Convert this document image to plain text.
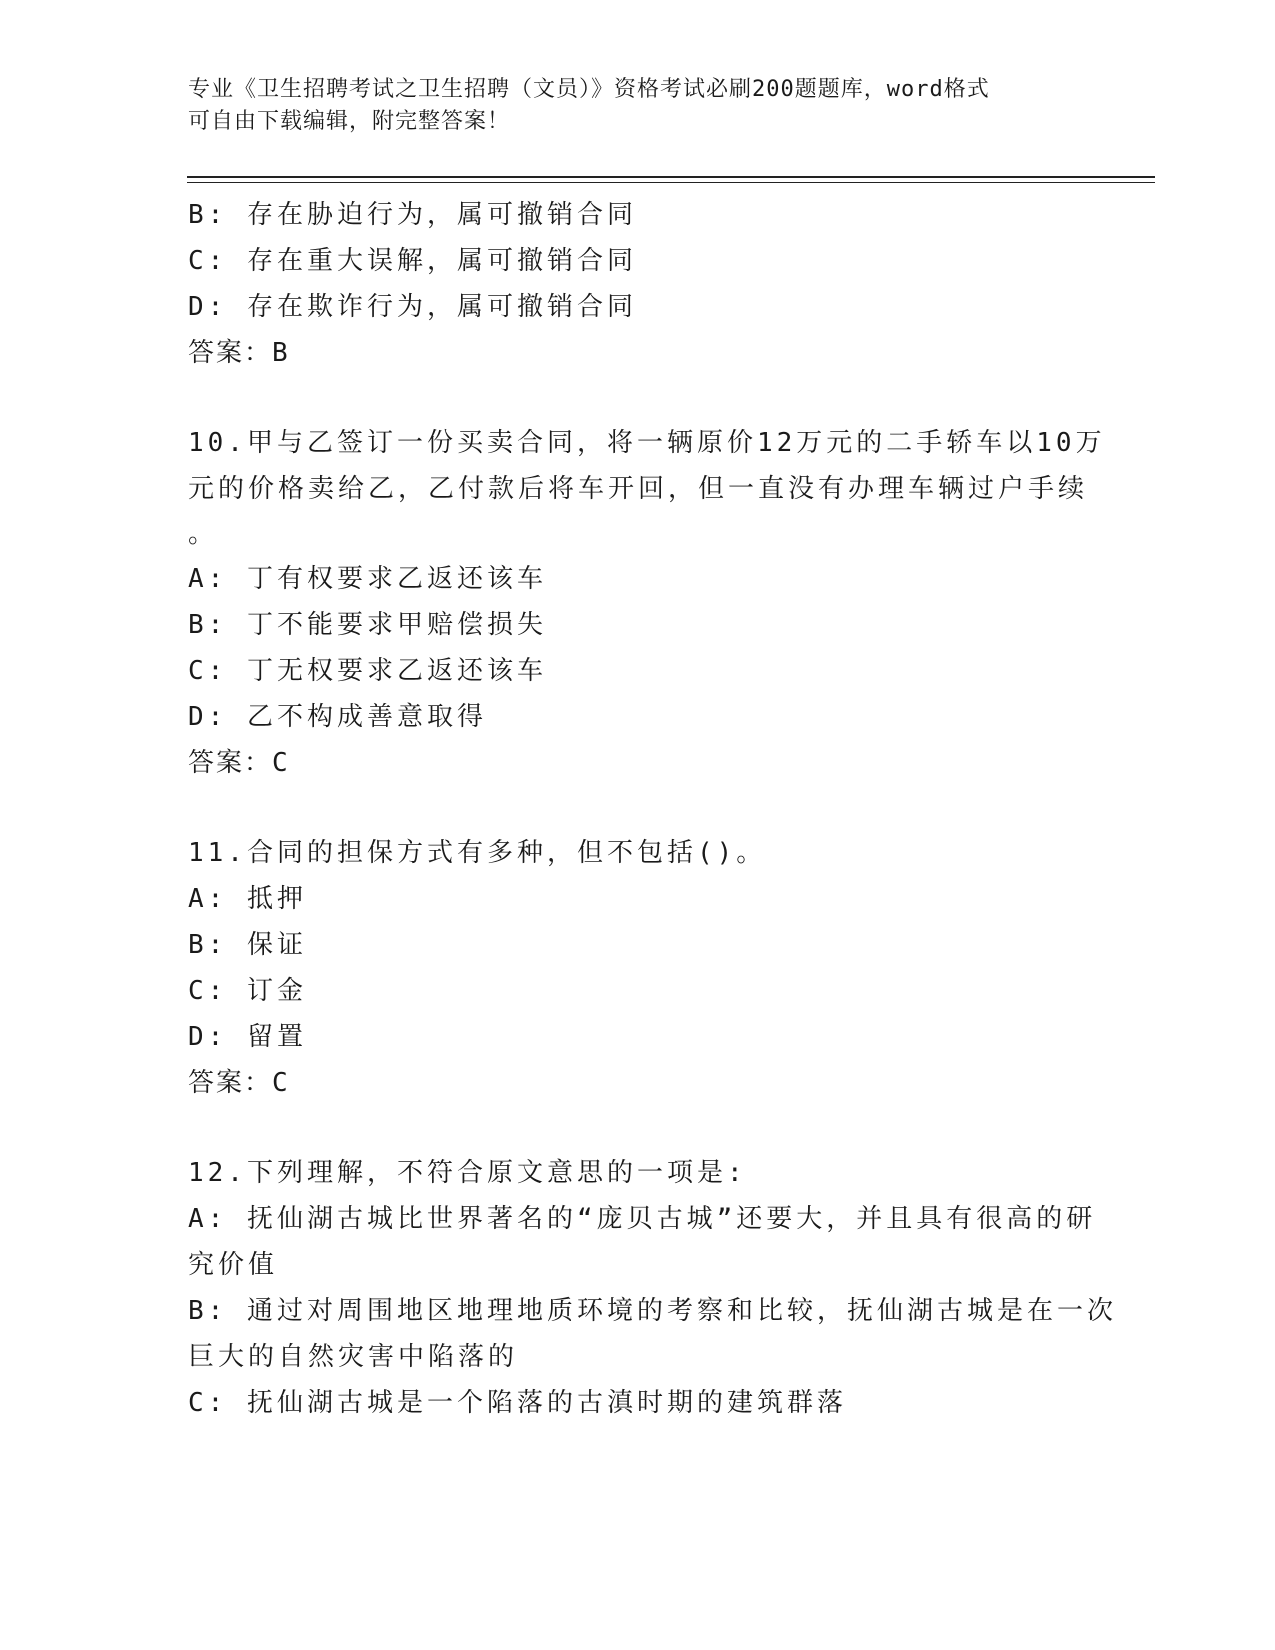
专业《卫生招聘考试之卫生招聘（文员）》资格考试必刷200题题库，word格式
可自由下载编辑，附完整答案！
B: 存在胁迫行为，属可撤销合同
C: 存在重大误解，属可撤销合同
D: 存在欺诈行为，属可撤销合同
答案：B
10.甲与乙签订一份买卖合同，将一辆原价12万元的二手轿车以10万
元的价格卖给乙，乙付款后将车开回，但一直没有办理车辆过户手续
。
A: 丁有权要求乙返还该车
B: 丁不能要求甲赔偿损失
C: 丁无权要求乙返还该车
D: 乙不构成善意取得
答案：C
11.合同的担保方式有多种，但不包括()。
A: 抵押
B: 保证
C: 订金
D: 留置
答案：C
12.下列理解，不符合原文意思的一项是:
A: 抚仙湖古城比世界著名的“庞贝古城”还要大，并且具有很高的研
究价值
B: 通过对周围地区地理地质环境的考察和比较，抚仙湖古城是在一次
巨大的自然灾害中陷落的
C: 抚仙湖古城是一个陷落的古滇时期的建筑群落
